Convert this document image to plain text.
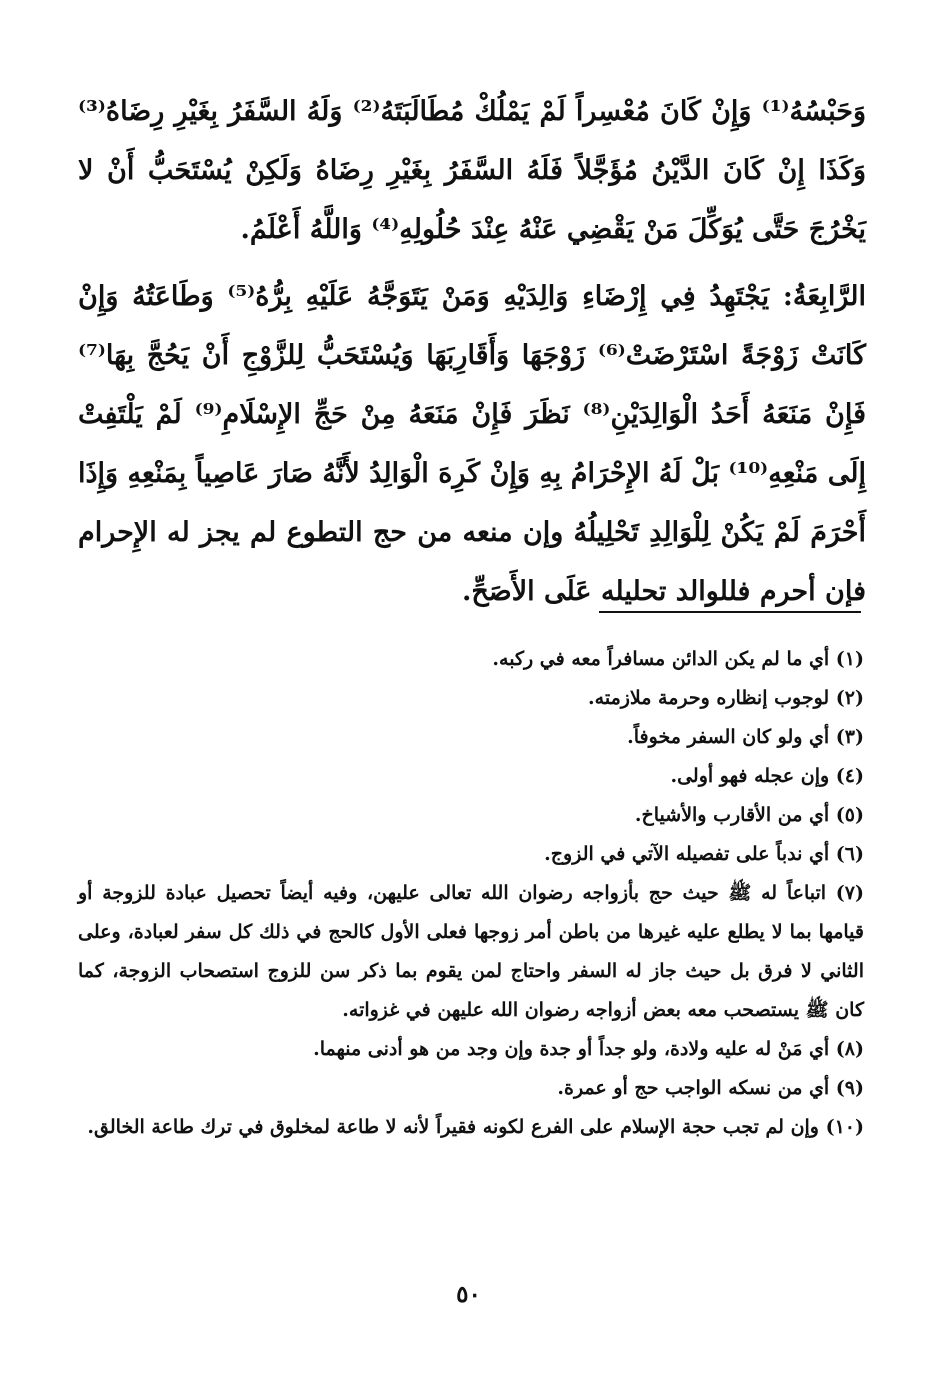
وَحَبْسُهُ⁽¹⁾ وَإِنْ كَانَ مُعْسِراً لَمْ يَمْلُكْ مُطَالَبَتَهُ⁽²⁾ وَلَهُ السَّفَرُ بِغَيْرِ رِضَاهُ⁽³⁾ وَكَذَا إِنْ كَانَ الدَّيْنُ مُؤَجَّلاً فَلَهُ السَّفَرُ بِغَيْرِ رِضَاهُ وَلَكِنْ يُسْتَحَبُّ أَنْ لا يَخْرُجَ حَتَّى يُوَكِّلَ مَنْ يَقْضِي عَنْهُ عِنْدَ حُلُولِهِ⁽⁴⁾ وَاللَّهُ أَعْلَمُ.

الرَّابِعَةُ: يَجْتَهِدُ فِي إِرْضَاءِ وَالِدَيْهِ وَمَنْ يَتَوَجَّهُ عَلَيْهِ بِرُّهُ⁽⁵⁾ وَطَاعَتُهُ وَإِنْ كَانَتْ زَوْجَةً اسْتَرْضَتْ⁽⁶⁾ زَوْجَهَا وَأَقَارِبَهَا وَيُسْتَحَبُّ لِلزَّوْجِ أَنْ يَحُجَّ بِهَا⁽⁷⁾ فَإِنْ مَنَعَهُ أَحَدُ الْوَالِدَيْنِ⁽⁸⁾ نَظَرَ فَإِنْ مَنَعَهُ مِنْ حَجِّ الإِسْلَامِ⁽⁹⁾ لَمْ يَلْتَفِتْ إِلَى مَنْعِهِ⁽¹⁰⁾ بَلْ لَهُ الإِحْرَامُ بِهِ وَإِنْ كَرِهَ الْوَالِدُ لأَنَّهُ صَارَ عَاصِياً بِمَنْعِهِ وَإِذَا أَحْرَمَ لَمْ يَكُنْ لِلْوَالِدِ تَحْلِيلُهُ وإن منعه من حج التطوع لم يجز له الإِحرام فإن أحرم فللوالد تحليله عَلَى الأَصَحِّ.

(١) أي ما لم يكن الدائن مسافراً معه في ركبه.

(٢) لوجوب إنظاره وحرمة ملازمته.

(٣) أي ولو كان السفر مخوفاً.

(٤) وإن عجله فهو أولى.

(٥) أي من الأقارب والأشياخ.

(٦) أي ندباً على تفصيله الآتي في الزوج.

(٧) اتباعاً له ﷺ حيث حج بأزواجه رضوان الله تعالى عليهن، وفيه أيضاً تحصيل عبادة للزوجة أو قيامها بما لا يطلع عليه غيرها من باطن أمر زوجها فعلى الأول كالحج في ذلك كل سفر لعبادة، وعلى الثاني لا فرق بل حيث جاز له السفر واحتاج لمن يقوم بما ذكر سن للزوج استصحاب الزوجة، كما كان ﷺ يستصحب معه بعض أزواجه رضوان الله عليهن في غزواته.

(٨) أي مَنْ له عليه ولادة، ولو جداً أو جدة وإن وجد من هو أدنى منهما.

(٩) أي من نسكه الواجب حج أو عمرة.

(١٠) وإن لم تجب حجة الإسلام على الفرع لكونه فقيراً لأنه لا طاعة لمخلوق في ترك طاعة الخالق.

٥٠
